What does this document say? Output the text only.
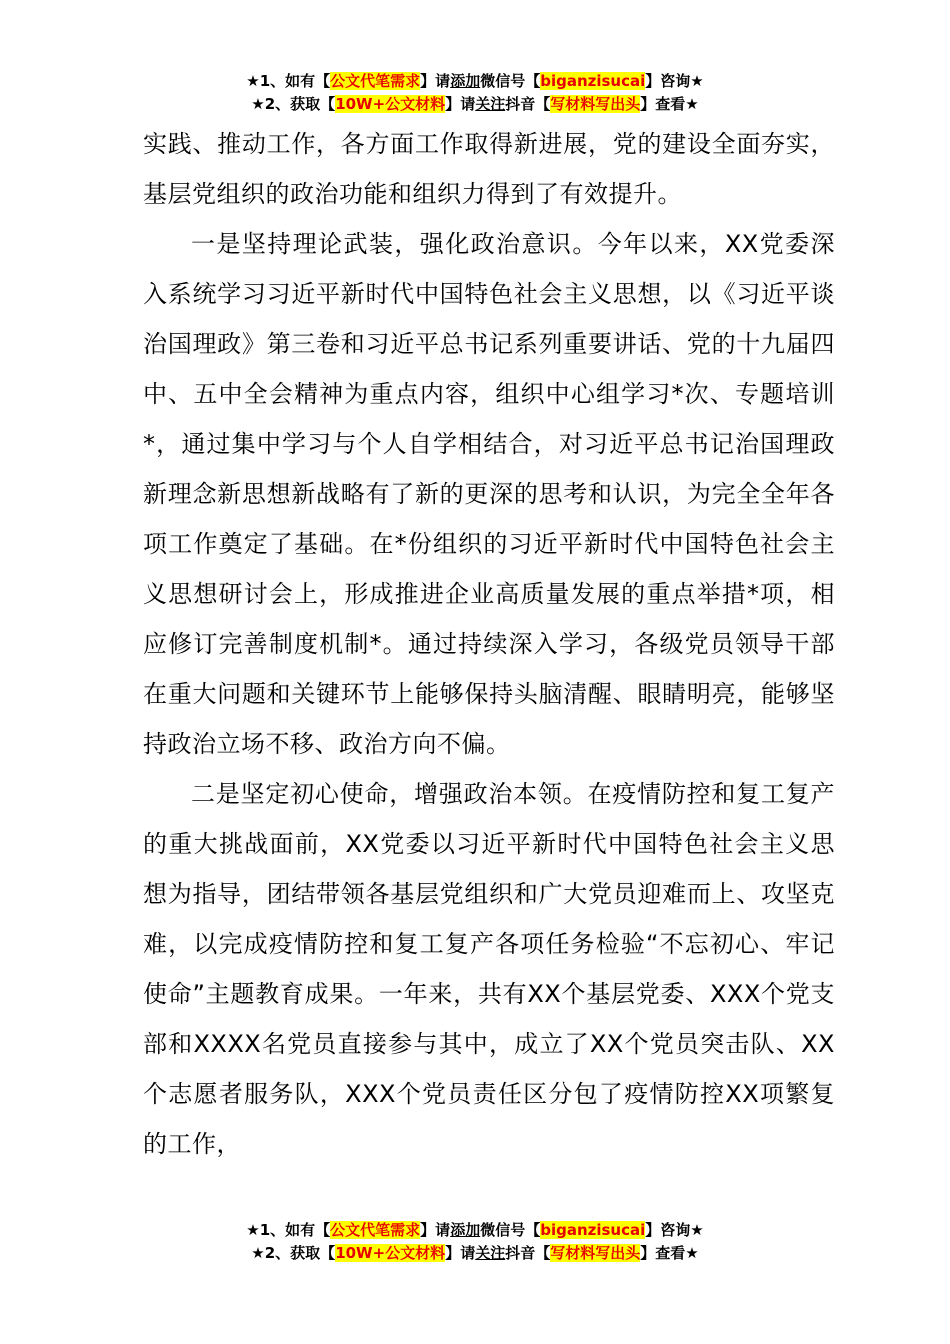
★1、如有【公文代笔需求】请添加微信号【biganzisucai】咨询★
★2、获取【10W+公文材料】请关注抖音【写材料写出头】查看★

实践、推动工作，各方面工作取得新进展，党的建设全面夯实，基层党组织的政治功能和组织力得到了有效提升。

一是坚持理论武装，强化政治意识。今年以来，XX党委深入系统学习习近平新时代中国特色社会主义思想，以《习近平谈治国理政》第三卷和习近平总书记系列重要讲话、党的十九届四中、五中全会精神为重点内容，组织中心组学习*次、专题培训*，通过集中学习与个人自学相结合，对习近平总书记治国理政新理念新思想新战略有了新的更深的思考和认识，为完全全年各项工作奠定了基础。在*份组织的习近平新时代中国特色社会主义思想研讨会上，形成推进企业高质量发展的重点举措*项，相应修订完善制度机制*。通过持续深入学习，各级党员领导干部在重大问题和关键环节上能够保持头脑清醒、眼睛明亮，能够坚持政治立场不移、政治方向不偏。

二是坚定初心使命，增强政治本领。在疫情防控和复工复产的重大挑战面前，XX党委以习近平新时代中国特色社会主义思想为指导，团结带领各基层党组织和广大党员迎难而上、攻坚克难，以完成疫情防控和复工复产各项任务检验“不忘初心、牢记使命”主题教育成果。一年来，共有XX个基层党委、XXX个党支部和XXXX名党员直接参与其中，成立了XX个党员突击队、XX个志愿者服务队，XXX个党员责任区分包了疫情防控XX项繁复的工作，

★1、如有【公文代笔需求】请添加微信号【biganzisucai】咨询★
★2、获取【10W+公文材料】请关注抖音【写材料写出头】查看★
